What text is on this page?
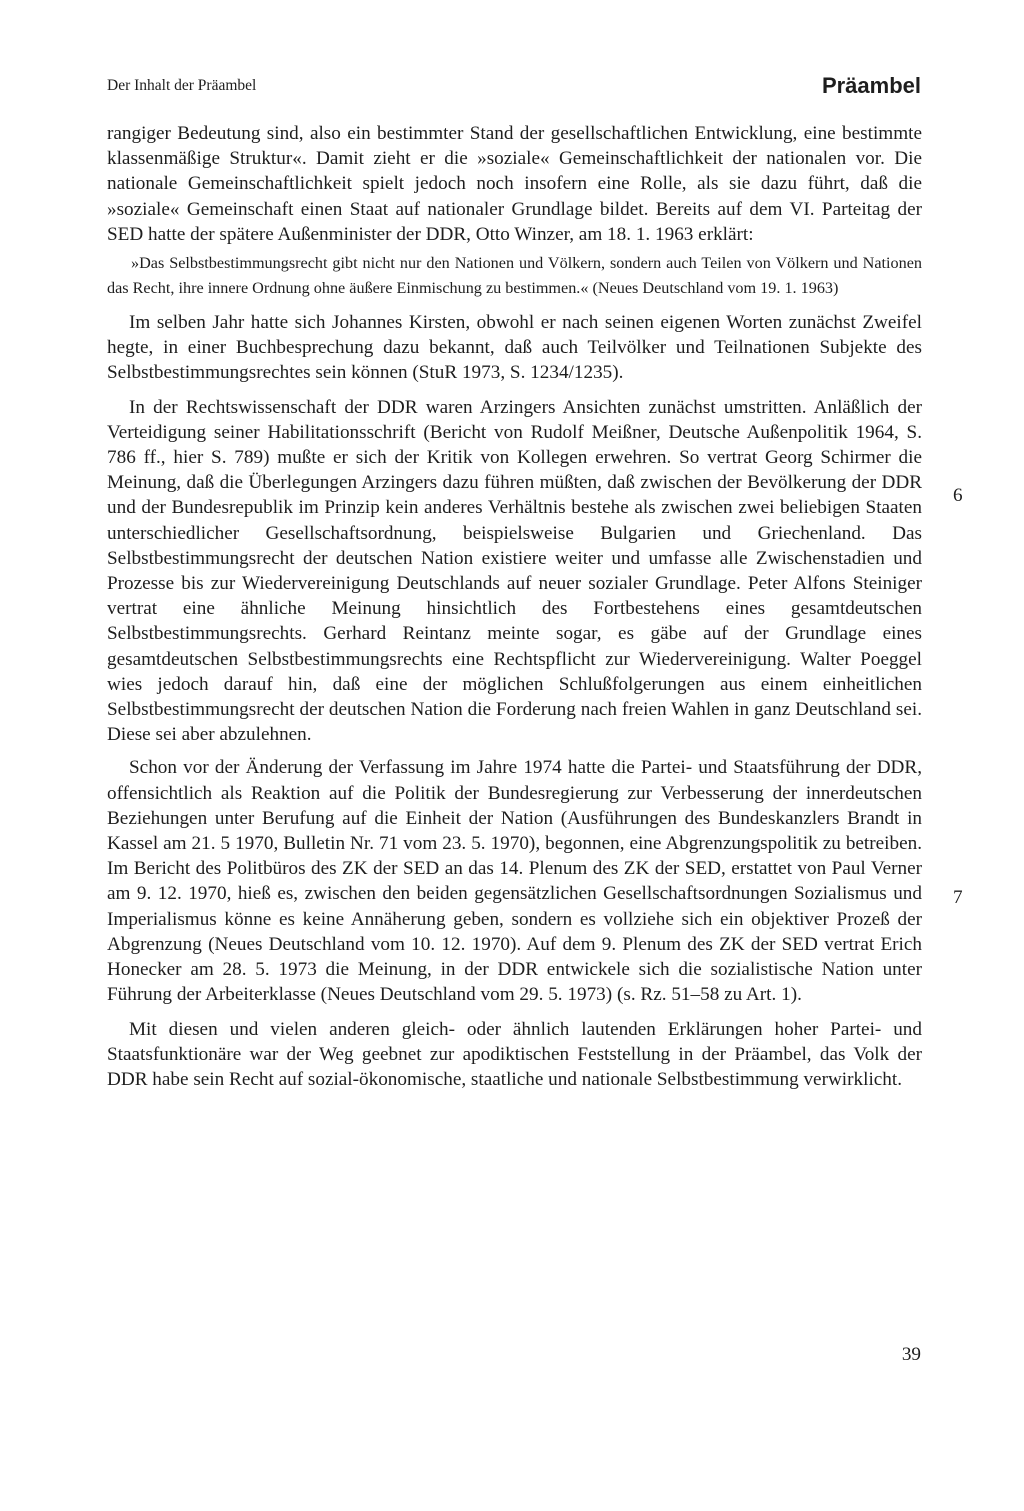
Der Inhalt der Präambel	Präambel

rangiger Bedeutung sind, also ein bestimmter Stand der gesellschaftlichen Entwicklung, eine bestimmte klassenmäßige Struktur«. Damit zieht er die »soziale« Gemeinschaftlichkeit der nationalen vor. Die nationale Gemeinschaftlichkeit spielt jedoch noch insofern eine Rolle, als sie dazu führt, daß die »soziale« Gemeinschaft einen Staat auf nationaler Grundlage bildet. Bereits auf dem VI. Parteitag der SED hatte der spätere Außenminister der DDR, Otto Winzer, am 18. 1. 1963 erklärt:

»Das Selbstbestimmungsrecht gibt nicht nur den Nationen und Völkern, sondern auch Teilen von Völkern und Nationen das Recht, ihre innere Ordnung ohne äußere Einmischung zu bestimmen.« (Neues Deutschland vom 19. 1. 1963)

Im selben Jahr hatte sich Johannes Kirsten, obwohl er nach seinen eigenen Worten zunächst Zweifel hegte, in einer Buchbesprechung dazu bekannt, daß auch Teilvölker und Teilnationen Subjekte des Selbstbestimmungsrechtes sein können (StuR 1973, S. 1234/1235).

In der Rechtswissenschaft der DDR waren Arzingers Ansichten zunächst umstritten. Anläßlich der Verteidigung seiner Habilitationsschrift (Bericht von Rudolf Meißner, Deutsche Außenpolitik 1964, S. 786 ff., hier S. 789) mußte er sich der Kritik von Kollegen erwehren. So vertrat Georg Schirmer die Meinung, daß die Überlegungen Arzingers dazu führen müßten, daß zwischen der Bevölkerung der DDR und der Bundesrepublik im Prinzip kein anderes Verhältnis bestehe als zwischen zwei beliebigen Staaten unterschiedlicher Gesellschaftsordnung, beispielsweise Bulgarien und Griechenland. Das Selbstbestimmungsrecht der deutschen Nation existiere weiter und umfasse alle Zwischenstadien und Prozesse bis zur Wiedervereinigung Deutschlands auf neuer sozialer Grundlage. Peter Alfons Steiniger vertrat eine ähnliche Meinung hinsichtlich des Fortbestehens eines gesamtdeutschen Selbstbestimmungsrechts. Gerhard Reintanz meinte sogar, es gäbe auf der Grundlage eines gesamtdeutschen Selbstbestimmungsrechts eine Rechtspflicht zur Wiedervereinigung. Walter Poeggel wies jedoch darauf hin, daß eine der möglichen Schlußfolgerungen aus einem einheitlichen Selbstbestimmungsrecht der deutschen Nation die Forderung nach freien Wahlen in ganz Deutschland sei. Diese sei aber abzulehnen.

Schon vor der Änderung der Verfassung im Jahre 1974 hatte die Partei- und Staatsführung der DDR, offensichtlich als Reaktion auf die Politik der Bundesregierung zur Verbesserung der innerdeutschen Beziehungen unter Berufung auf die Einheit der Nation (Ausführungen des Bundeskanzlers Brandt in Kassel am 21. 5 1970, Bulletin Nr. 71 vom 23. 5. 1970), begonnen, eine Abgrenzungspolitik zu betreiben. Im Bericht des Politbüros des ZK der SED an das 14. Plenum des ZK der SED, erstattet von Paul Verner am 9. 12. 1970, hieß es, zwischen den beiden gegensätzlichen Gesellschaftsordnungen Sozialismus und Imperialismus könne es keine Annäherung geben, sondern es vollziehe sich ein objektiver Prozeß der Abgrenzung (Neues Deutschland vom 10. 12. 1970). Auf dem 9. Plenum des ZK der SED vertrat Erich Honecker am 28. 5. 1973 die Meinung, in der DDR entwickele sich die sozialistische Nation unter Führung der Arbeiterklasse (Neues Deutschland vom 29. 5. 1973) (s. Rz. 51–58 zu Art. 1).

Mit diesen und vielen anderen gleich- oder ähnlich lautenden Erklärungen hoher Partei- und Staatsfunktionäre war der Weg geebnet zur apodiktischen Feststellung in der Präambel, das Volk der DDR habe sein Recht auf sozial-ökonomische, staatliche und nationale Selbstbestimmung verwirklicht.

6
7
39
